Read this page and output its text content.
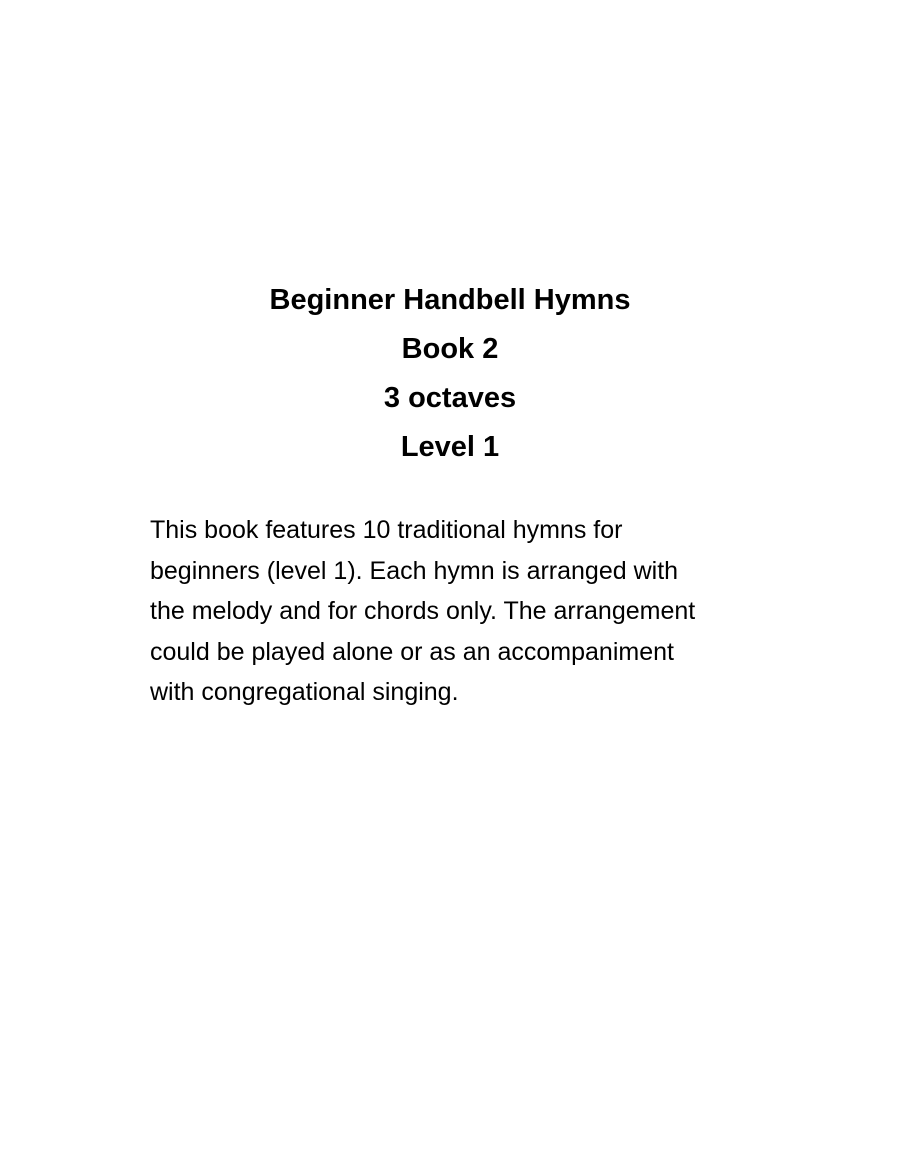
Beginner Handbell Hymns
Book 2
3 octaves
Level 1

This book features 10 traditional hymns for
beginners (level 1). Each hymn is arranged with
the melody and for chords only. The arrangement
could be played alone or as an accompaniment
with congregational singing.
